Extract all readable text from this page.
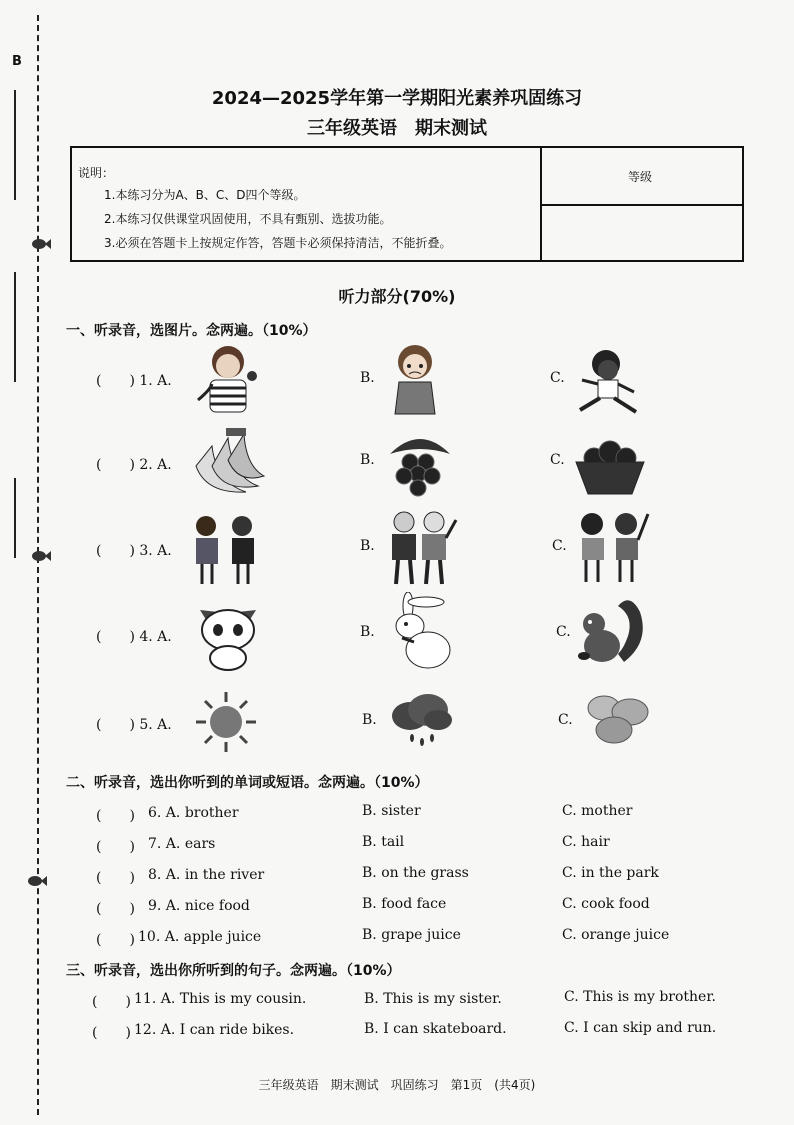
B
2024—2025学年第一学期阳光素养巩固练习
三年级英语　期末测试
说明：
1.本练习分为A、B、C、D四个等级。
2.本练习仅供课堂巩固使用，不具有甄别、选拔功能。
3.必须在答题卡上按规定作答，答题卡必须保持清洁，不能折叠。
等级
听力部分(70%)
一、听录音，选图片。念两遍。（10%）
(　　) 1. A.	B.	C.
(　　) 2. A.	B.	C.
(　　) 3. A.	B.	C.
(　　) 4. A.	B.	C.
(　　) 5. A.	B.	C.
二、听录音，选出你听到的单词或短语。念两遍。（10%）
(　　) 6. A. brother	B. sister	C. mother
(　　) 7. A. ears	B. tail	C. hair
(　　) 8. A. in the river	B. on the grass	C. in the park
(　　) 9. A. nice food	B. food face	C. cook food
(　　) 10. A. apple juice	B. grape juice	C. orange juice
三、听录音，选出你所听到的句子。念两遍。（10%）
(　　) 11. A. This is my cousin.	B. This is my sister.	C. This is my brother.
(　　) 12. A. I can ride bikes.	B. I can skateboard.	C. I can skip and run.
三年级英语　期末测试　巩固练习　第1页　(共4页)
